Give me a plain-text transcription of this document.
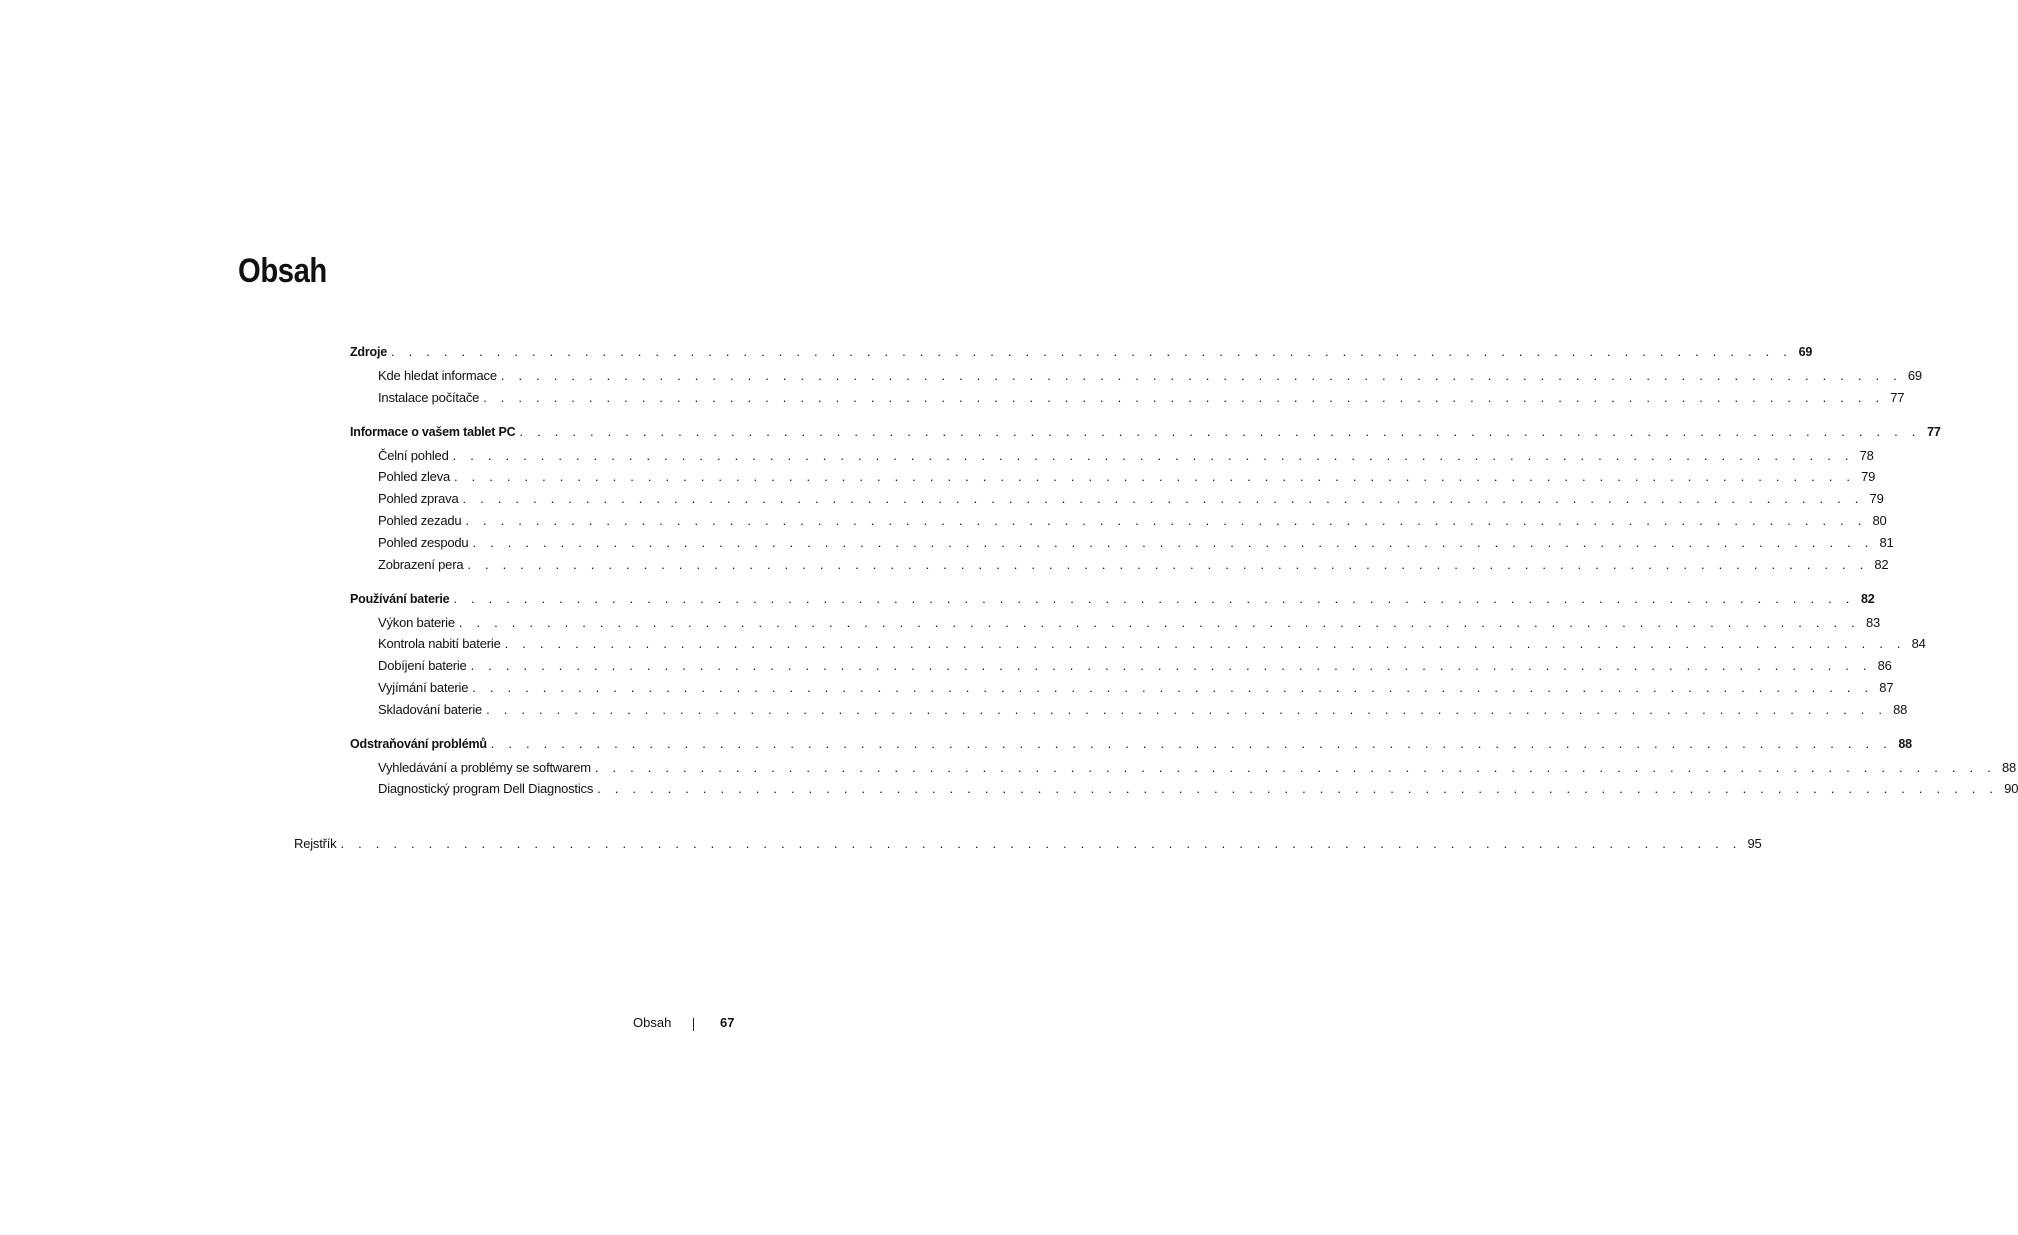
Obsah
Zdroje . . . . . . . . . . . . . . . . . . . . . . . . . . . . . . . . . . . . . . . . . . . . . . . . . . . . . . . . . . . . . . . . . . . . . . . . . . . . . . . . 69
Kde hledat informace . . . . . . . . . . . . . . . . . . . . . . . . . . . . . . . . . . . . . . . . . . . . . . . . . . . . . . . . . . . . . . . . . . . . . . . . . . . . . . . . 69
Instalace počítače . . . . . . . . . . . . . . . . . . . . . . . . . . . . . . . . . . . . . . . . . . . . . . . . . . . . . . . . . . . . . . . . . . . . . . . . . . . . . . . . 77
Informace o vašem tablet PC . . . . . . . . . . . . . . . . . . . . . . . . . . . . . . . . . . . . . . . . . . . . . . . . . . . . . . . . . . . . . . . . . . . . . . . . . . . . . . . . 77
Čelní pohled . . . . . . . . . . . . . . . . . . . . . . . . . . . . . . . . . . . . . . . . . . . . . . . . . . . . . . . . . . . . . . . . . . . . . . . . . . . . . . . . 78
Pohled zleva . . . . . . . . . . . . . . . . . . . . . . . . . . . . . . . . . . . . . . . . . . . . . . . . . . . . . . . . . . . . . . . . . . . . . . . . . . . . . . . . 79
Pohled zprava . . . . . . . . . . . . . . . . . . . . . . . . . . . . . . . . . . . . . . . . . . . . . . . . . . . . . . . . . . . . . . . . . . . . . . . . . . . . . . . . 79
Pohled zezadu . . . . . . . . . . . . . . . . . . . . . . . . . . . . . . . . . . . . . . . . . . . . . . . . . . . . . . . . . . . . . . . . . . . . . . . . . . . . . . . . 80
Pohled zespodu . . . . . . . . . . . . . . . . . . . . . . . . . . . . . . . . . . . . . . . . . . . . . . . . . . . . . . . . . . . . . . . . . . . . . . . . . . . . . . . . 81
Zobrazení pera . . . . . . . . . . . . . . . . . . . . . . . . . . . . . . . . . . . . . . . . . . . . . . . . . . . . . . . . . . . . . . . . . . . . . . . . . . . . . . . . 82
Používání baterie . . . . . . . . . . . . . . . . . . . . . . . . . . . . . . . . . . . . . . . . . . . . . . . . . . . . . . . . . . . . . . . . . . . . . . . . . . . . . . . . 82
Výkon baterie . . . . . . . . . . . . . . . . . . . . . . . . . . . . . . . . . . . . . . . . . . . . . . . . . . . . . . . . . . . . . . . . . . . . . . . . . . . . . . . . 83
Kontrola nabití baterie . . . . . . . . . . . . . . . . . . . . . . . . . . . . . . . . . . . . . . . . . . . . . . . . . . . . . . . . . . . . . . . . . . . . . . . . . . . . . . . . 84
Dobíjení baterie . . . . . . . . . . . . . . . . . . . . . . . . . . . . . . . . . . . . . . . . . . . . . . . . . . . . . . . . . . . . . . . . . . . . . . . . . . . . . . . . 86
Vyjímání baterie . . . . . . . . . . . . . . . . . . . . . . . . . . . . . . . . . . . . . . . . . . . . . . . . . . . . . . . . . . . . . . . . . . . . . . . . . . . . . . . . 87
Skladování baterie . . . . . . . . . . . . . . . . . . . . . . . . . . . . . . . . . . . . . . . . . . . . . . . . . . . . . . . . . . . . . . . . . . . . . . . . . . . . . . . . 88
Odstraňování problémů . . . . . . . . . . . . . . . . . . . . . . . . . . . . . . . . . . . . . . . . . . . . . . . . . . . . . . . . . . . . . . . . . . . . . . . . . . . . . . . . 88
Vyhledávání a problémy se softwarem . . . . . . . . . . . . . . . . . . . . . . . . . . . . . . . . . . . . . . . . . . . . . . . . . . . . . . . . . . . . . . . . . . . . . . . . . . . . . . . . 88
Diagnostický program Dell Diagnostics . . . . . . . . . . . . . . . . . . . . . . . . . . . . . . . . . . . . . . . . . . . . . . . . . . . . . . . . . . . . . . . . . . . . . . . . . . . . . . . . 90
Rejstřík . . . . . . . . . . . . . . . . . . . . . . . . . . . . . . . . . . . . . . . . . . . . . . . . . . . . . . . . . . . . . . . . . . . . . . . . . . . . . . . . 95
Obsah	67
